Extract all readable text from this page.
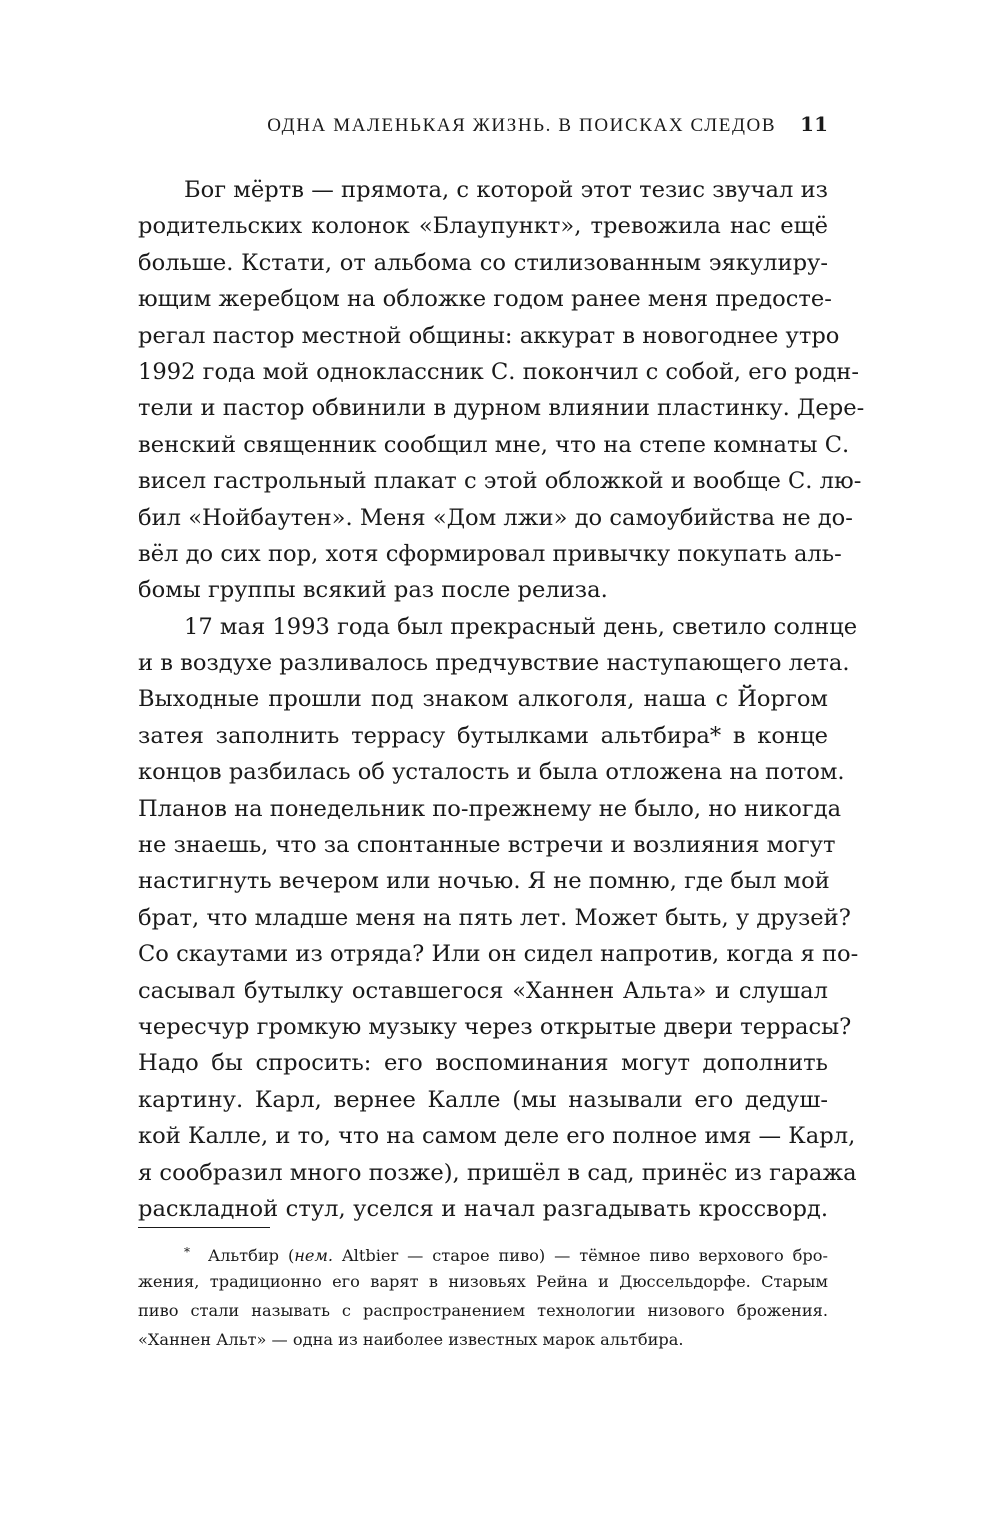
ОДНА МАЛЕНЬКАЯ ЖИЗНЬ. В ПОИСКАХ СЛЕДОВ 11
Бог мёртв — прямота, с которой этот тезис звучал из
родительских колонок «Блаупункт», тревожила нас ещё
больше. Кстати, от альбома со стилизованным эякулиру-
ющим жеребцом на обложке годом ранее меня предосте-
регал пастор местной общины: аккурат в новогоднее утро
1992 года мой одноклассник С. покончил с собой, его родн-
тели и пастор обвинили в дурном влиянии пластинку. Дере-
венский священник сообщил мне, что на степе комнаты С.
висел гастрольный плакат с этой обложкой и вообще С. лю-
бил «Нойбаутен». Меня «Дом лжи» до самоубийства не до-
вёл до сих пор, хотя сформировал привычку покупать аль-
бомы группы всякий раз после релиза.
17 мая 1993 года был прекрасный день, светило солнце
и в воздухе разливалось предчувствие наступающего лета.
Выходные прошли под знаком алкоголя, наша с Йоргом
затея заполнить террасу бутылками альтбира* в конце
концов разбилась об усталость и была отложена на потом.
Планов на понедельник по-прежнему не было, но никогда
не знаешь, что за спонтанные встречи и возлияния могут
настигнуть вечером или ночью. Я не помню, где был мой
брат, что младше меня на пять лет. Может быть, у друзей?
Со скаутами из отряда? Или он сидел напротив, когда я по-
сасывал бутылку оставшегося «Ханнен Альта» и слушал
чересчур громкую музыку через открытые двери террасы?
Надо бы спросить: его воспоминания могут дополнить
картину. Карл, вернее Калле (мы называли его дедуш-
кой Калле, и то, что на самом деле его полное имя — Карл,
я сообразил много позже), пришёл в сад, принёс из гаража
раскладной стул, уселся и начал разгадывать кроссворд.
* Альтбир (нем. Altbier — старое пиво) — тёмное пиво верхового бро-
жения, традиционно его варят в низовьях Рейна и Дюссельдорфе. Старым
пиво стали называть с распространением технологии низового брожения.
«Ханнен Альт» — одна из наиболее известных марок альтбира.
